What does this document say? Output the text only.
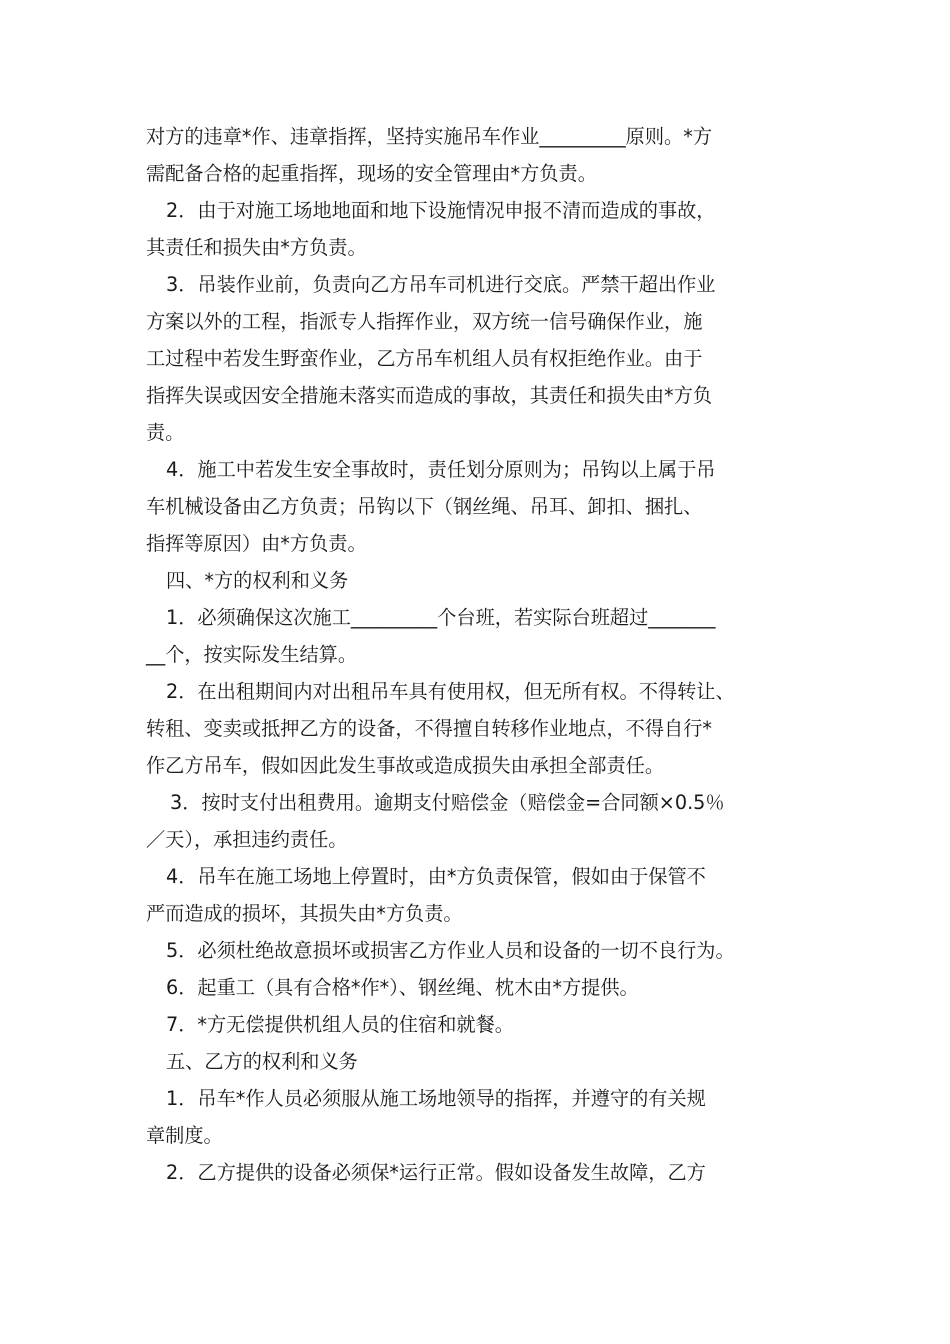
对方的违章*作、违章指挥，坚持实施吊车作业_________原则。*方
需配备合格的起重指挥，现场的安全管理由*方负责。
2．由于对施工场地地面和地下设施情况申报不清而造成的事故，
其责任和损失由*方负责。
3．吊装作业前，负责向乙方吊车司机进行交底。严禁干超出作业
方案以外的工程，指派专人指挥作业，双方统一信号确保作业，施
工过程中若发生野蛮作业，乙方吊车机组人员有权拒绝作业。由于
指挥失误或因安全措施未落实而造成的事故，其责任和损失由*方负
责。
4．施工中若发生安全事故时，责任划分原则为；吊钩以上属于吊
车机械设备由乙方负责；吊钩以下（钢丝绳、吊耳、卸扣、捆扎、
指挥等原因）由*方负责。
四、*方的权利和义务
1．必须确保这次施工_________个台班，若实际台班超过_______
__个，按实际发生结算。
2．在出租期间内对出租吊车具有使用权，但无所有权。不得转让、
转租、变卖或抵押乙方的设备，不得擅自转移作业地点，不得自行*
作乙方吊车，假如因此发生事故或造成损失由承担全部责任。
3．按时支付出租费用。逾期支付赔偿金（赔偿金=合同额×0.5％
／天），承担违约责任。
4．吊车在施工场地上停置时，由*方负责保管，假如由于保管不
严而造成的损坏，其损失由*方负责。
5．必须杜绝故意损坏或损害乙方作业人员和设备的一切不良行为。
6．起重工（具有合格*作*）、钢丝绳、枕木由*方提供。
7．*方无偿提供机组人员的住宿和就餐。
五、乙方的权利和义务
1．吊车*作人员必须服从施工场地领导的指挥，并遵守的有关规
章制度。
2．乙方提供的设备必须保*运行正常。假如设备发生故障，乙方
